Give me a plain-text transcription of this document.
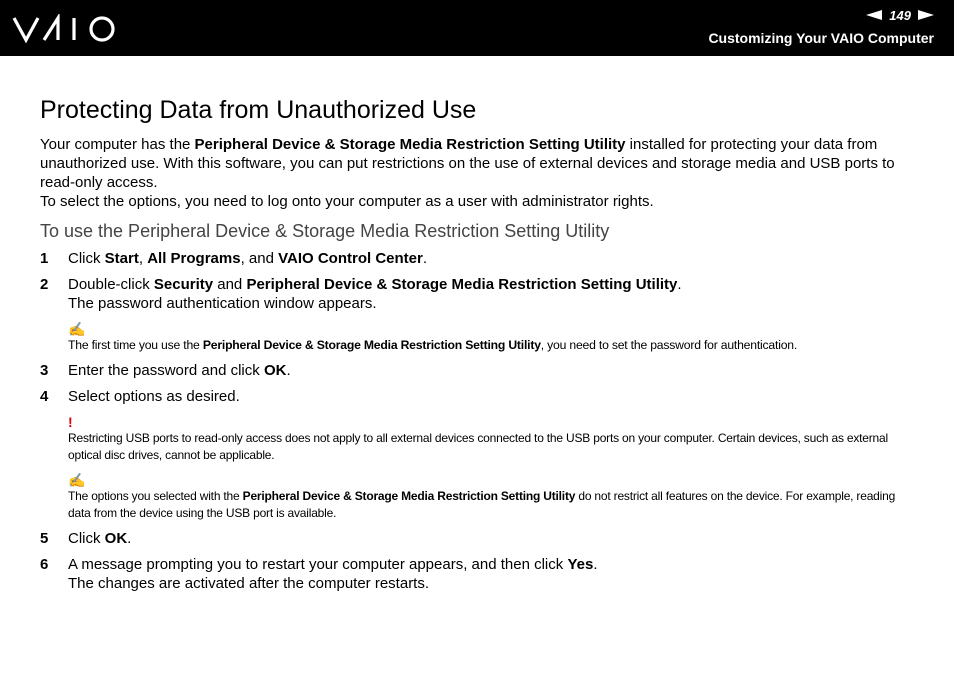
149
Customizing Your VAIO Computer
Protecting Data from Unauthorized Use

Your computer has the Peripheral Device & Storage Media Restriction Setting Utility installed for protecting your data from unauthorized use. With this software, you can put restrictions on the use of external devices and storage media and USB ports to read-only access.

To select the options, you need to log onto your computer as a user with administrator rights.

To use the Peripheral Device & Storage Media Restriction Setting Utility
1 Click Start, All Programs, and VAIO Control Center.
2 Double-click Security and Peripheral Device & Storage Media Restriction Setting Utility.
The password authentication window appears.
✍

The first time you use the Peripheral Device & Storage Media Restriction Setting Utility, you need to set the password for authentication.

3 Enter the password and click OK.
4 Select options as desired.
!

Restricting USB ports to read-only access does not apply to all external devices connected to the USB ports on your computer. Certain devices, such as external optical disc drives, cannot be applicable.

✍

The options you selected with the Peripheral Device & Storage Media Restriction Setting Utility do not restrict all features on the device. For example, reading data from the device using the USB port is available.

5 Click OK.
6 A message prompting you to restart your computer appears, and then click Yes.
The changes are activated after the computer restarts.
